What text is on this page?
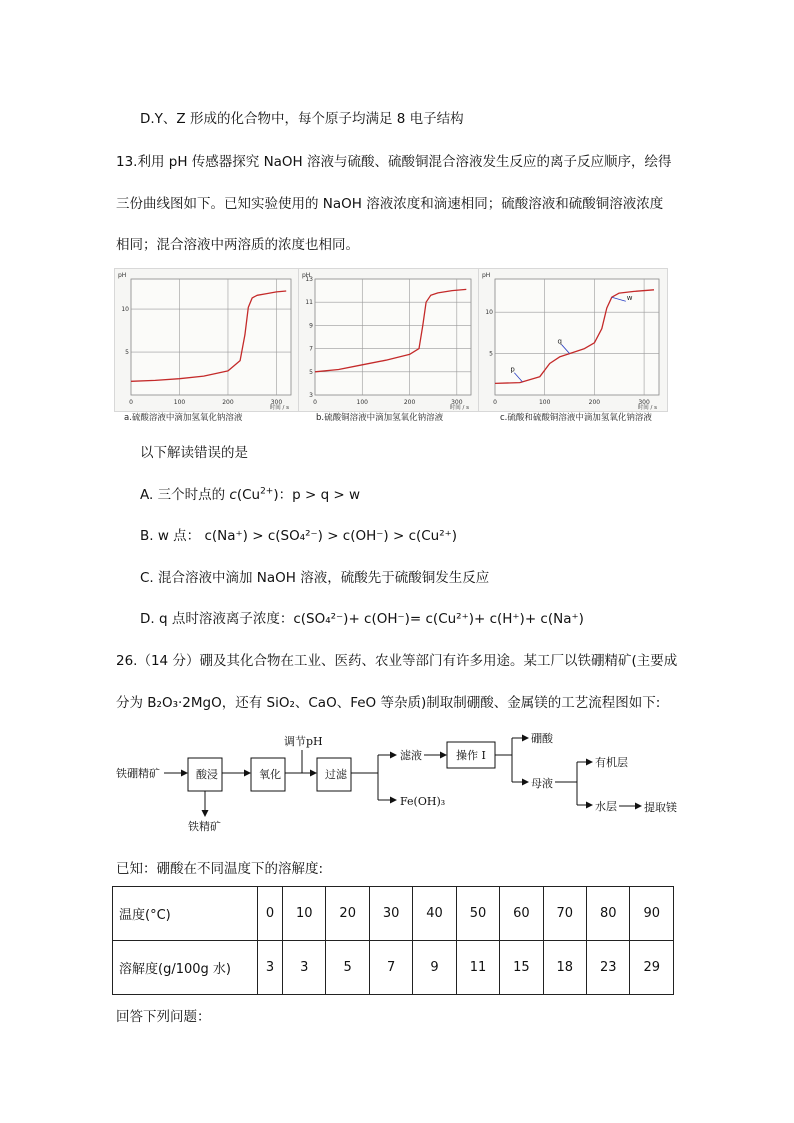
D.Y、Z 形成的化合物中，每个原子均满足 8 电子结构
13.利用 pH 传感器探究 NaOH 溶液与硫酸、硫酸铜混合溶液发生反应的离子反应顺序，绘得
三份曲线图如下。已知实验使用的 NaOH 溶液浓度和滴速相同；硫酸溶液和硫酸铜溶液浓度
相同；混合溶液中两溶质的浓度也相同。
0	100	200	300
5
10
pH
时间 / s
0	100	200	300
3
5
7
9
11
13
pH
时间 / s
0	100	200	300
5
10
pH
时间 / s
p
q
w
a.硫酸溶液中滴加氢氧化钠溶液	b.硫酸铜溶液中滴加氢氧化钠溶液	c.硫酸和硫酸铜溶液中滴加氢氧化钠溶液
以下解读错误的是
A. 三个时点的 $c(Cu^{2+})$：p > q > w
B. w 点： c(Na⁺) > c(SO₄²⁻) > c(OH⁻) > c(Cu²⁺)
C. 混合溶液中滴加 NaOH 溶液，硫酸先于硫酸铜发生反应
D. q 点时溶液离子浓度：c(SO₄²⁻)+ c(OH⁻)= c(Cu²⁺)+ c(H⁺)+ c(Na⁺)
26.（14 分）硼及其化合物在工业、医药、农业等部门有许多用途。某工厂以铁硼精矿(主要成
分为 B₂O₃·2MgO，还有 SiO₂、CaO、FeO 等杂质)制取制硼酸、金属镁的工艺流程图如下:
铁硼精矿	酸浸
铁精矿
氧化
调节pH
过滤
滤液
Fe(OH)₃
操作 I
硼酸
母液
有机层
水层 提取镁
已知：硼酸在不同温度下的溶解度:
温度(°C)	0	10	20	30	40	50	60	70	80	90
溶解度(g/100g 水)	3	3	5	7	9	11	15	18	23	29
回答下列问题：
